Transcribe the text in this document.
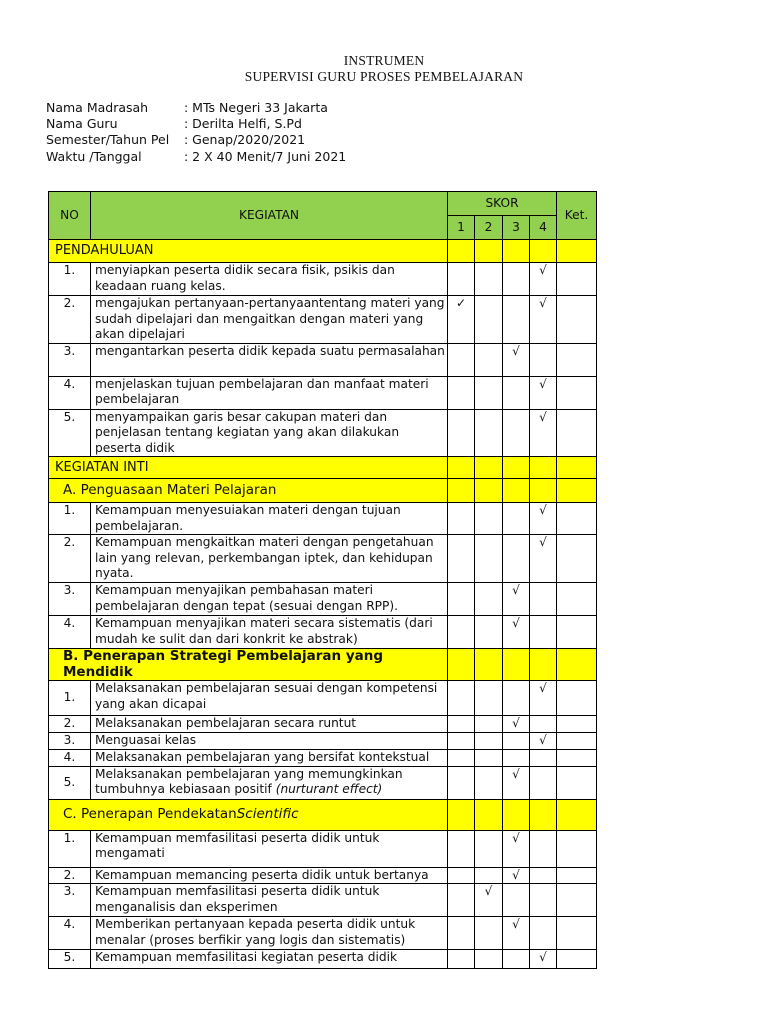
INSTRUMEN
SUPERVISI GURU PROSES PEMBELAJARAN
Nama Madrasah	: MTs Negeri 33 Jakarta
Nama Guru	: Derilta Helfi, S.Pd
Semester/Tahun Pel	: Genap/2020/2021
Waktu /Tanggal	: 2 X 40 Menit/7 Juni 2021
NO	KEGIATAN	SKOR				Ket.
		1	2	3	4	
PENDAHULUAN						
1.	menyiapkan peserta didik secara fisik, psikis dan keadaan ruang kelas.				√	
2.	mengajukan pertanyaan-pertanyaantentang materi yang sudah dipelajari dan mengaitkan dengan materi yang akan dipelajari	✓			√	
3.	mengantarkan peserta didik kepada suatu permasalahan			√		
4.	menjelaskan tujuan pembelajaran dan manfaat materi pembelajaran				√	
5.	menyampaikan garis besar cakupan materi dan penjelasan tentang kegiatan yang akan dilakukan peserta didik				√	
KEGIATAN INTI						
A. Penguasaan Materi Pelajaran						
1.	Kemampuan menyesuiakan materi dengan tujuan pembelajaran.				√	
2.	Kemampuan mengkaitkan materi dengan pengetahuan lain yang relevan, perkembangan iptek, dan kehidupan nyata.				√	
3.	Kemampuan menyajikan pembahasan materi pembelajaran dengan tepat (sesuai dengan RPP).			√		
4.	Kemampuan menyajikan materi secara sistematis (dari mudah ke sulit dan dari konkrit ke abstrak)			√		
B. Penerapan Strategi Pembelajaran yang Mendidik						
1.	Melaksanakan pembelajaran sesuai dengan kompetensi yang akan dicapai				√	
2.	Melaksanakan pembelajaran secara runtut			√		
3.	Menguasai kelas				√	
4.	Melaksanakan pembelajaran yang bersifat kontekstual					
5.	Melaksanakan pembelajaran yang memungkinkan tumbuhnya kebiasaan positif (nurturant effect)			√		
C. Penerapan PendekatanScientific						
1.	Kemampuan memfasilitasi peserta didik untuk mengamati			√		
2.	Kemampuan memancing peserta didik untuk bertanya			√		
3.	Kemampuan memfasilitasi peserta didik untuk menganalisis dan eksperimen		√			
4.	Memberikan pertanyaan kepada peserta didik untuk menalar (proses berfikir yang logis dan sistematis)			√		
5.	Kemampuan memfasilitasi kegiatan peserta didik				√	
